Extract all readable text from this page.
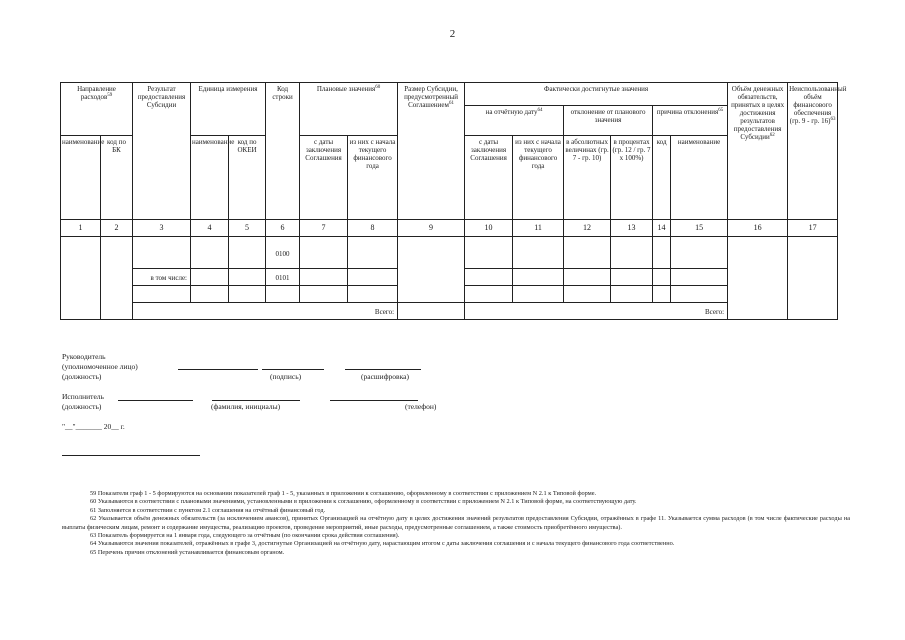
2
Направление расходов$^{59}$		Результат предоставления Субсидии	Единица измерения		Код строки	Плановые значения$^{60}$		Размер Субсидии, предусмотренный Соглашением$^{61}$	Фактически достигнутые значения						Объём денежных обязательств, принятых в целях достижения результатов предоставления Субсидии$^{62}$	Неиспользованный объём финансового обеспечения (гр. 9 - гр. 16)$^{63}$
									на отчётную дату$^{64}$		отклонение от планового значения		причина отклонения$^{65}$
наименование	код по БК		наименование	код по ОКЕИ		с даты заключения Соглашения	из них с начала текущего финансового года		с даты заключения Соглашения	из них с начала текущего финансового года	в абсолютных величинах (гр. 7 - гр. 10)	в процентах (гр. 12 / гр. 7 x 100%)	код	наименование		
1	2	3	4	5	6	7	8	9	10	11	12	13	14	15	16	17
					0100											
		в том числе:			0101											

		Всего:							Всего:							
Руководитель
(уполномоченное лицо)
(должность)	(подпись)	(расшифровка)
Исполнитель
(должность)	(фамилия, инициалы)	(телефон)
"__"_______ 20__ г.

59 Показатели граф 1 - 5 формируются на основании показателей граф 1 - 5, указанных в приложении к соглашению, оформленному в соответствии с приложением N 2.1 к Типовой форме.

60 Указываются в соответствии с плановыми значениями, установленными в приложении к соглашению, оформленному в соответствии с приложением N 2.1 к Типовой форме, на соответствующую дату.

61 Заполняется в соответствии с пунктом 2.1 соглашения на отчётный финансовый год.

62 Указывается объём денежных обязательств (за исключением авансов), принятых Организацией на отчётную дату в целях достижения значений результатов предоставления Субсидии, отражённых в графе 11. Указывается сумма расходов (в том числе фактические расходы на выплаты физическим лицам, ремонт и содержание имущества, реализацию проектов, проведение мероприятий, иные расходы, предусмотренные соглашением, а также стоимость приобретённого имущества).

63 Показатель формируется на 1 января года, следующего за отчётным (по окончании срока действия соглашения).

64 Указываются значения показателей, отражённых в графе 3, достигнутые Организацией на отчётную дату, нарастающим итогом с даты заключения соглашения и с начала текущего финансового года соответственно.

65 Перечень причин отклонений устанавливается финансовым органом.
